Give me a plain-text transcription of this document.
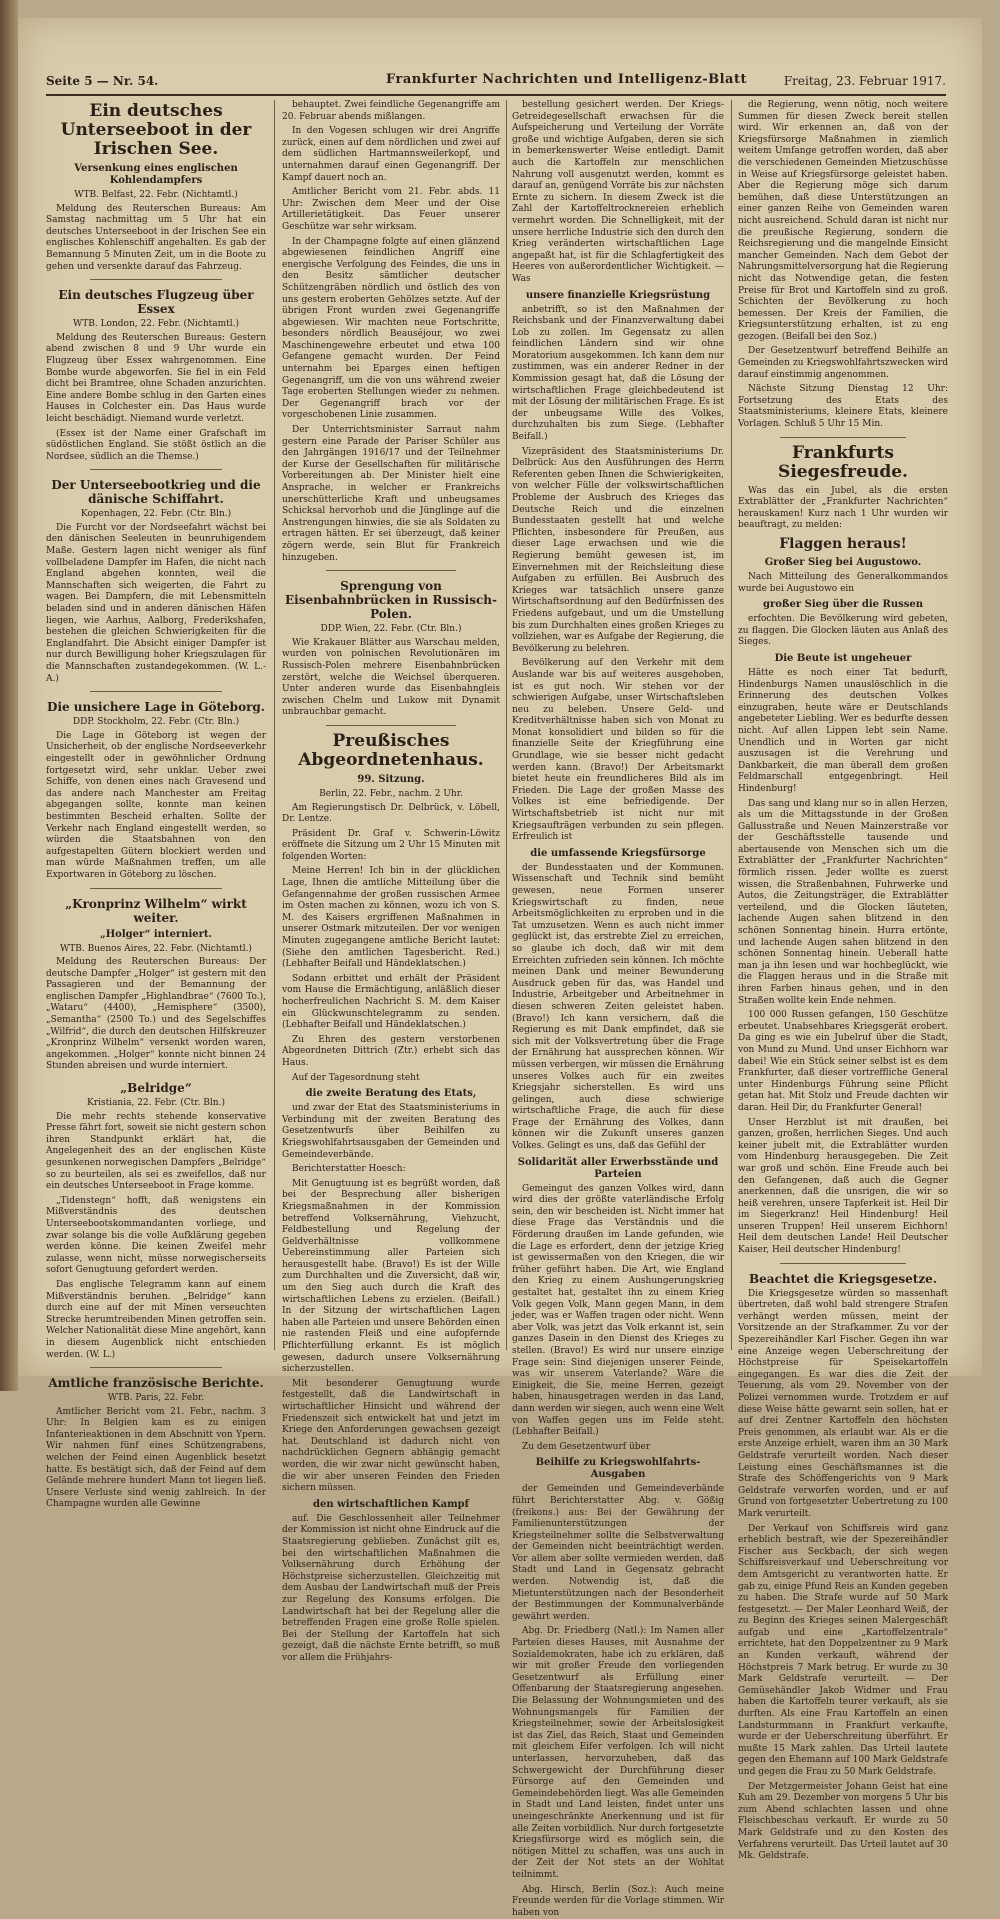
Seite 5 — Nr. 54.	Frankfurter Nachrichten und Intelligenz-Blatt	Freitag, 23. Februar 1917.
Ein deutsches Unterseeboot in der Irischen See.
Versenkung eines englischen Kohlendampfers
WTB. Belfast, 22. Febr. (Nichtamtl.)

Meldung des Reuterschen Bureaus: Am Samstag nachmittag um 5 Uhr hat ein deutsches Unterseeboot in der Irischen See ein englisches Kohlenschiff angehalten. Es gab der Bemannung 5 Minuten Zeit, um in die Boote zu gehen und versenkte darauf das Fahrzeug.

Ein deutsches Flugzeug über Essex
WTB. London, 22. Febr. (Nichtamtl.)

Meldung des Reuterschen Bureaus: Gestern abend zwischen 8 und 9 Uhr wurde ein Flugzeug über Essex wahrgenommen. Eine Bombe wurde abgeworfen. Sie fiel in ein Feld dicht bei Bramtree, ohne Schaden anzurichten. Eine andere Bombe schlug in den Garten eines Hauses in Colchester ein. Das Haus wurde leicht beschädigt. Niemand wurde verletzt.

(Essex ist der Name einer Grafschaft im südöstlichen England. Sie stößt östlich an die Nordsee, südlich an die Themse.)

Der Unterseebootkrieg und die dänische Schiffahrt.
Kopenhagen, 22. Febr. (Ctr. Bln.)

Die Furcht vor der Nordseefahrt wächst bei den dänischen Seeleuten in beunruhigendem Maße. Gestern lagen nicht weniger als fünf vollbeladene Dampfer im Hafen, die nicht nach England abgehen konnten, weil die Mannschaften sich weigerten, die Fahrt zu wagen. Bei Dampfern, die mit Lebensmitteln beladen sind und in anderen dänischen Häfen liegen, wie Aarhus, Aalborg, Frederikshafen, bestehen die gleichen Schwierigkeiten für die Englandfahrt. Die Absicht einiger Dampfer ist nur durch Bewilligung hoher Kriegszulagen für die Mannschaften zustandegekommen. (W. L.-A.)

Die unsichere Lage in Göteborg.
DDP. Stockholm, 22. Febr. (Ctr. Bln.)

Die Lage in Göteborg ist wegen der Unsicherheit, ob der englische Nordseeverkehr eingestellt oder in gewöhnlicher Ordnung fortgesetzt wird, sehr unklar. Ueber zwei Schiffe, von denen eines nach Gravesend und das andere nach Manchester am Freitag abgegangen sollte, konnte man keinen bestimmten Bescheid erhalten. Sollte der Verkehr nach England eingestellt werden, so würden die Staatsbahnen von den aufgestapelten Gütern blockiert werden und man würde Maßnahmen treffen, um alle Exportwaren in Göteborg zu löschen.

„Kronprinz Wilhelm“ wirkt weiter.
„Holger“ interniert.
WTB. Buenos Aires, 22. Febr. (Nichtamtl.)

Meldung des Reuterschen Bureaus: Der deutsche Dampfer „Holger“ ist gestern mit den Passagieren und der Bemannung der englischen Dampfer „Highlandbrae“ (7600 To.), „Wataru“ (4400), „Hemisphere“ (3500), „Semantha“ (2500 To.) und des Segelschiffes „Wilfrid“, die durch den deutschen Hilfskreuzer „Kronprinz Wilhelm“ versenkt worden waren, angekommen. „Holger“ konnte nicht binnen 24 Stunden abreisen und wurde interniert.

„Belridge“
Kristiania, 22. Febr. (Ctr. Bln.)

Die mehr rechts stehende konservative Presse fährt fort, soweit sie nicht gestern schon ihren Standpunkt erklärt hat, die Angelegenheit des an der englischen Küste gesunkenen norwegischen Dampfers „Belridge“ so zu beurteilen, als sei es zweifellos, daß nur ein deutsches Unterseeboot in Frage komme.

„Tidenstegn“ hofft, daß wenigstens ein Mißverständnis des deutschen Unterseebootskommandanten vorliege, und zwar solange bis die volle Aufklärung gegeben werden könne. Die keinen Zweifel mehr zulasse, wenn nicht, müsse norwegischerseits sofort Genugtuung gefordert werden.

Das englische Telegramm kann auf einem Mißverständnis beruhen. „Belridge“ kann durch eine auf der mit Minen verseuchten Strecke herumtreibenden Minen getroffen sein. Welcher Nationalität diese Mine angehört, kann in diesem Augenblick nicht entschieden werden. (W. L.)

Amtliche französische Berichte.
WTB. Paris, 22. Febr.

Amtlicher Bericht vom 21. Febr., nachm. 3 Uhr: In Belgien kam es zu einigen Infanterieaktionen in dem Abschnitt von Ypern. Wir nahmen fünf eines Schützengrabens, welchen der Feind einen Augenblick besetzt hatte. Es bestätigt sich, daß der Feind auf dem Gelände mehrere hundert Mann tot liegen ließ. Unsere Verluste sind wenig zahlreich. In der Champagne wurden alle Gewinne

behauptet. Zwei feindliche Gegenangriffe am 20. Februar abends mißlangen.

In den Vogesen schlugen wir drei Angriffe zurück, einen auf dem nördlichen und zwei auf dem südlichen Hartmannsweilerkopf, und unternahmen darauf einen Gegenangriff. Der Kampf dauert noch an.

Amtlicher Bericht vom 21. Febr. abds. 11 Uhr: Zwischen dem Meer und der Oise Artillerietätigkeit. Das Feuer unserer Geschütze war sehr wirksam.

In der Champagne folgte auf einen glänzend abgewiesenen feindlichen Angriff eine energische Verfolgung des Feindes, die uns in den Besitz sämtlicher deutscher Schützengräben nördlich und östlich des von uns gestern eroberten Gehölzes setzte. Auf der übrigen Front wurden zwei Gegenangriffe abgewiesen. Wir machten neue Fortschritte, besonders nördlich Beauséjour, wo zwei Maschinengewehre erbeutet und etwa 100 Gefangene gemacht wurden. Der Feind unternahm bei Eparges einen heftigen Gegenangriff, um die von uns während zweier Tage eroberten Stellungen wieder zu nehmen. Der Gegenangriff brach vor der vorgeschobenen Linie zusammen.

Der Unterrichtsminister Sarraut nahm gestern eine Parade der Pariser Schüler aus den Jahrgängen 1916/17 und der Teilnehmer der Kurse der Gesellschaften für militärische Vorbereitungen ab. Der Minister hielt eine Ansprache, in welcher er Frankreichs unerschütterliche Kraft und unbeugsames Schicksal hervorhob und die Jünglinge auf die Anstrengungen hinwies, die sie als Soldaten zu ertragen hätten. Er sei überzeugt, daß keiner zögern werde, sein Blut für Frankreich hinzugeben.

Sprengung von Eisenbahnbrücken in Russisch-Polen.
DDP. Wien, 22. Febr. (Ctr. Bln.)

Wie Krakauer Blätter aus Warschau melden, wurden von polnischen Revolutionären im Russisch-Polen mehrere Eisenbahnbrücken zerstört, welche die Weichsel überqueren. Unter anderen wurde das Eisenbahngleis zwischen Chelm und Lukow mit Dynamit unbrauchbar gemacht.

Preußisches Abgeordnetenhaus.
99. Sitzung.
Berlin, 22. Febr., nachm. 2 Uhr.

Am Regierungstisch Dr. Delbrück, v. Löbell, Dr. Lentze.

Präsident Dr. Graf v. Schwerin-Löwitz eröffnete die Sitzung um 2 Uhr 15 Minuten mit folgenden Worten:

Meine Herren! Ich bin in der glücklichen Lage, Ihnen die amtliche Mitteilung über die Gefangennahme der großen russischen Armee im Osten machen zu können, wozu ich von S. M. des Kaisers ergriffenen Maßnahmen in unserer Ostmark mitzuteilen. Der vor wenigen Minuten zugegangene amtliche Bericht lautet: (Siehe den amtlichen Tagesbericht. Red.) (Lebhafter Beifall und Händeklatschen.)

Sodann erbittet und erhält der Präsident vom Hause die Ermächtigung, anläßlich dieser hocherfreulichen Nachricht S. M. dem Kaiser ein Glückwunschtelegramm zu senden. (Lebhafter Beifall und Händeklatschen.)

Zu Ehren des gestern verstorbenen Abgeordneten Dittrich (Ztr.) erhebt sich das Haus.

Auf der Tagesordnung steht

die zweite Beratung des Etats,

und zwar der Etat des Staatsministeriums in Verbindung mit der zweiten Beratung des Gesetzentwurfs über Beihilfen zu Kriegswohlfahrtsausgaben der Gemeinden und Gemeindeverbände.

Berichterstatter Hoesch:

Mit Genugtuung ist es begrüßt worden, daß bei der Besprechung aller bisherigen Kriegsmaßnahmen in der Kommission betreffend Volksernährung, Viehzucht, Feldbestellung und Regelung der Geldverhältnisse vollkommene Uebereinstimmung aller Parteien sich herausgestellt habe. (Bravo!) Es ist der Wille zum Durchhalten und die Zuversicht, daß wir, um den Sieg auch durch die Kraft des wirtschaftlichen Lebens zu erzielen. (Beifall.) In der Sitzung der wirtschaftlichen Lagen haben alle Parteien und unsere Behörden einen nie rastenden Fleiß und eine aufopfernde Pflichterfüllung erkannt. Es ist möglich gewesen, dadurch unsere Volksernährung sicherzustellen.

Mit besonderer Genugtuung wurde festgestellt, daß die Landwirtschaft in wirtschaftlicher Hinsicht und während der Friedenszeit sich entwickelt hat und jetzt im Kriege den Anforderungen gewachsen gezeigt hat. Deutschland ist dadurch nicht von nachdrücklichen Gegnern abhängig gemacht worden, die wir zwar nicht gewünscht haben, die wir aber unseren Feinden den Frieden sichern müssen.

den wirtschaftlichen Kampf

auf. Die Geschlossenheit aller Teilnehmer der Kommission ist nicht ohne Eindruck auf die Staatsregierung geblieben. Zunächst gilt es, bei den wirtschaftlichen Maßnahmen die Volksernährung durch Erhöhung der Höchstpreise sicherzustellen. Gleichzeitig mit dem Ausbau der Landwirtschaft muß der Preis zur Regelung des Konsums erfolgen. Die Landwirtschaft hat bei der Regelung aller die betreffenden Fragen eine große Rolle spielen. Bei der Stellung der Kartoffeln hat sich gezeigt, daß die nächste Ernte betrifft, so muß vor allem die Frühjahrs-

bestellung gesichert werden. Der Kriegs-Getreidegesellschaft erwachsen für die Aufspeicherung und Verteilung der Vorräte große und wichtige Aufgaben, deren sie sich in bemerkenswerter Weise entledigt. Damit auch die Kartoffeln zur menschlichen Nahrung voll ausgenutzt werden, kommt es darauf an, genügend Vorräte bis zur nächsten Ernte zu sichern. In diesem Zweck ist die Zahl der Kartoffeltrocknereien erheblich vermehrt worden. Die Schnelligkeit, mit der unsere herrliche Industrie sich den durch den Krieg veränderten wirtschaftlichen Lage angepaßt hat, ist für die Schlagfertigkeit des Heeres von außerordentlicher Wichtigkeit. — Was

unsere finanzielle Kriegsrüstung

anbetrifft, so ist den Maßnahmen der Reichsbank und der Finanzverwaltung dabei Lob zu zollen. Im Gegensatz zu allen feindlichen Ländern sind wir ohne Moratorium ausgekommen. Ich kann dem nur zustimmen, was ein anderer Redner in der Kommission gesagt hat, daß die Lösung der wirtschaftlichen Frage gleichbedeutend ist mit der Lösung der militärischen Frage. Es ist der unbeugsame Wille des Volkes, durchzuhalten bis zum Siege. (Lebhafter Beifall.)

Vizepräsident des Staatsministeriums Dr. Delbrück: Aus den Ausführungen des Herrn Referenten geben Ihnen die Schwierigkeiten, von welcher Fülle der volkswirtschaftlichen Probleme der Ausbruch des Krieges das Deutsche Reich und die einzelnen Bundesstaaten gestellt hat und welche Pflichten, insbesondere für Preußen, aus dieser Lage erwachsen und wie die Regierung bemüht gewesen ist, im Einvernehmen mit der Reichsleitung diese Aufgaben zu erfüllen. Bei Ausbruch des Krieges war tatsächlich unsere ganze Wirtschaftsordnung auf den Bedürfnissen des Friedens aufgebaut, und um die Umstellung bis zum Durchhalten eines großen Krieges zu vollziehen, war es Aufgabe der Regierung, die Bevölkerung zu belehren.

Bevölkerung auf den Verkehr mit dem Auslande war bis auf weiteres ausgehoben, ist es gut noch. Wir stehen vor der schwierigen Aufgabe, unser Wirtschaftsleben neu zu beleben. Unsere Geld- und Kreditverhältnisse haben sich von Monat zu Monat konsolidiert und bilden so für die finanzielle Seite der Kriegführung eine Grundlage, wie sie besser nicht gedacht werden kann. (Bravo!) Der Arbeitsmarkt bietet heute ein freundlicheres Bild als im Frieden. Die Lage der großen Masse des Volkes ist eine befriedigende. Der Wirtschaftsbetrieb ist nicht nur mit Kriegsaufträgen verbunden zu sein pflegen. Erfreulich ist

die umfassende Kriegsfürsorge

der Bundesstaaten und der Kommunen. Wissenschaft und Technik sind bemüht gewesen, neue Formen unserer Kriegswirtschaft zu finden, neue Arbeitsmöglichkeiten zu erproben und in die Tat umzusetzen. Wenn es auch nicht immer geglückt ist, das erstrebte Ziel zu erreichen, so glaube ich doch, daß wir mit dem Erreichten zufrieden sein können. Ich möchte meinen Dank und meiner Bewunderung Ausdruck geben für das, was Handel und Industrie, Arbeitgeber und Arbeitnehmer in diesen schweren Zeiten geleistet haben. (Bravo!) Ich kann versichern, daß die Regierung es mit Dank empfindet, daß sie sich mit der Volksvertretung über die Frage der Ernährung hat aussprechen können. Wir müssen verbergen, wir müssen die Ernährung unseres Volkes auch für ein zweites Kriegsjahr sicherstellen. Es wird uns gelingen, auch diese schwierige wirtschaftliche Frage, die auch für diese Frage der Ernährung des Volkes, dann können wir die Zukunft unseres ganzen Volkes. Gelingt es uns, daß das Gefühl der

Solidarität aller Erwerbsstände und Parteien

Gemeingut des ganzen Volkes wird, dann wird dies der größte vaterländische Erfolg sein, den wir bescheiden ist. Nicht immer hat diese Frage das Verständnis und die Förderung draußen im Lande gefunden, wie die Lage es erfordert, denn der jetzige Krieg ist gewissermaßen von den Kriegen, die wir früher geführt haben. Die Art, wie England den Krieg zu einem Aushungerungskrieg gestaltet hat, gestaltet ihn zu einem Krieg Volk gegen Volk, Mann gegen Mann, in dem jeder, was er Waffen tragen oder nicht. Wenn aber Volk, was jetzt das Volk erkannt ist, sein ganzes Dasein in den Dienst des Krieges zu stellen. (Bravo!) Es wird nur unsere einzige Frage sein: Sind diejenigen unserer Feinde, was wir unserem Vaterlande? Wäre die Einigkeit, die Sie, meine Herren, gezeigt haben, hinausgetragen werden in das Land, dann werden wir siegen, auch wenn eine Welt von Waffen gegen uns im Felde steht. (Lebhafter Beifall.)

Zu dem Gesetzentwurf über

Beihilfe zu Kriegswohlfahrts-Ausgaben

der Gemeinden und Gemeindeverbände führt Berichterstatter Abg. v. Gößig (freikons.) aus: Bei der Gewährung der Familienunterstützungen der Kriegsteilnehmer sollte die Selbstverwaltung der Gemeinden nicht beeinträchtigt werden. Vor allem aber sollte vermieden werden, daß Stadt und Land in Gegensatz gebracht werden. Notwendig ist, daß die Mietunterstützungen nach der Besonderheit der Bestimmungen der Kommunalverbände gewährt werden.

Abg. Dr. Friedberg (Natl.): Im Namen aller Parteien dieses Hauses, mit Ausnahme der Sozialdemokraten, habe ich zu erklären, daß wir mit großer Freude den vorliegenden Gesetzentwurf als Erfüllung einer Offenbarung der Staatsregierung angesehen. Die Belassung der Wohnungsmieten und des Wohnungsmangels für Familien der Kriegsteilnehmer, sowie der Arbeitslosigkeit ist das Ziel, das Reich, Staat und Gemeinden mit gleichem Eifer verfolgen. Ich will nicht unterlassen, hervorzuheben, daß das Schwergewicht der Durchführung dieser Fürsorge auf den Gemeinden und Gemeindebehörden liegt. Was alle Gemeinden in Stadt und Land leisten, findet unter uns uneingeschränkte Anerkennung und ist für alle Zeiten vorbildlich. Nur durch fortgesetzte Kriegsfürsorge wird es möglich sein, die nötigen Mittel zu schaffen, was uns auch in der Zeit der Not stets an der Wohltat teilnimmt.

Abg. Hirsch, Berlin (Soz.): Auch meine Freunde werden für die Vorlage stimmen. Wir haben von

die Regierung, wenn nötig, noch weitere Summen für diesen Zweck bereit stellen wird. Wir erkennen an, daß von der Kriegsfürsorge Maßnahmen in ziemlich weitem Umfange getroffen worden, daß aber die verschiedenen Gemeinden Mietzuschüsse in Weise auf Kriegsfürsorge geleistet haben. Aber die Regierung möge sich darum bemühen, daß diese Unterstützungen an einer ganzen Reihe von Gemeinden waren nicht ausreichend. Schuld daran ist nicht nur die preußische Regierung, sondern die Reichsregierung und die mangelnde Einsicht mancher Gemeinden. Nach dem Gebot der Nahrungsmittelversorgung hat die Regierung nicht das Notwendige getan, die festen Preise für Brot und Kartoffeln sind zu groß. Schichten der Bevölkerung zu hoch bemessen. Der Kreis der Familien, die Kriegsunterstützung erhalten, ist zu eng gezogen. (Beifall bei den Soz.)

Der Gesetzentwurf betreffend Beihilfe an Gemeinden zu Kriegswohlfahrtszwecken wird darauf einstimmig angenommen.

Nächste Sitzung Dienstag 12 Uhr: Fortsetzung des Etats des Staatsministeriums, kleinere Etats, kleinere Vorlagen. Schluß 5 Uhr 15 Min.

Frankfurts Siegesfreude.

Was das ein Jubel, als die ersten Extrablätter der „Frankfurter Nachrichten“ herauskamen! Kurz nach 1 Uhr wurden wir beauftragt, zu melden:

Flaggen heraus!
Großer Sieg bei Augustowo.

Nach Mitteilung des Generalkommandos wurde bei Augustowo ein

großer Sieg über die Russen

erfochten. Die Bevölkerung wird gebeten, zu flaggen. Die Glocken läuten aus Anlaß des Sieges.

Die Beute ist ungeheuer

Hätte es noch einer Tat bedurft, Hindenburgs Namen unauslöschlich in die Erinnerung des deutschen Volkes einzugraben, heute wäre er Deutschlands angebeteter Liebling. Wer es bedurfte dessen nicht. Auf allen Lippen lebt sein Name. Unendlich und in Worten gar nicht auszusagen ist die Verehrung und Dankbarkeit, die man überall dem großen Feldmarschall entgegenbringt. Heil Hindenburg!

Das sang und klang nur so in allen Herzen, als um die Mittagsstunde in der Großen Gallusstraße und Neuen Mainzerstraße vor der Geschäftsstelle tausende und abertausende von Menschen sich um die Extrablätter der „Frankfurter Nachrichten“ förmlich rissen. Jeder wollte es zuerst wissen, die Straßenbahnen, Fuhrwerke und Autos, die Zeitungsträger, die Extrablätter verteilend, und die Glocken läuteten, lachende Augen sahen blitzend in den schönen Sonnentag hinein. Hurra ertönte, und lachende Augen sahen blitzend in den schönen Sonnentag hinein. Ueberall hatte man ja ihn lesen und war hochbeglückt, wie die Flaggen heraus und in die Straße mit ihren Farben hinaus gehen, und in den Straßen wollte kein Ende nehmen.

100 000 Russen gefangen, 150 Geschütze erbeutet. Unabsehbares Kriegsgerät erobert. Da ging es wie ein Jubelruf über die Stadt, von Mund zu Mund. Und unser Eichhorn war dabei! Wie ein Stück seiner selbst ist es dem Frankfurter, daß dieser vortreffliche General unter Hindenburgs Führung seine Pflicht getan hat. Mit Stolz und Freude dachten wir daran. Heil Dir, du Frankfurter General!

Unser Herzblut ist mit draußen, bei ganzen, großen, herrlichen Sieges. Und auch keiner jubelt mit, die Extrablätter wurden vom Hindenburg herausgegeben. Die Zeit war groß und schön. Eine Freude auch bei den Gefangenen, daß auch die Gegner anerkennen, daß die unsrigen, die wir so heiß verehren, unsere Tapferkeit ist. Heil Dir im Siegerkranz! Heil Hindenburg! Heil unseren Truppen! Heil unserem Eichhorn! Heil dem deutschen Lande! Heil Deutscher Kaiser, Heil deutscher Hindenburg!

Beachtet die Kriegsgesetze.

Die Kriegsgesetze würden so massenhaft übertreten, daß wohl bald strengere Strafen verhängt werden müssen, meint der Vorsitzende an der Strafkammer. Zu vor der Spezereihändler Karl Fischer. Gegen ihn war eine Anzeige wegen Ueberschreitung der Höchstpreise für Speisekartoffeln eingegangen. Es war dies die Zeit der Teuerung, als vom 29. November von der Polizei vernommen wurde. Trotzdem er auf diese Weise hätte gewarnt sein sollen, hat er auf drei Zentner Kartoffeln den höchsten Preis genommen, als erlaubt war. Als er die erste Anzeige erhielt, waren ihm an 30 Mark Geldstrafe verurteilt worden. Nach dieser Leistung eines Geschäftsmannes ist die Strafe des Schöffengerichts von 9 Mark Geldstrafe verworfen worden, und er auf Grund von fortgesetzter Uebertretung zu 100 Mark verurteilt.

Der Verkauf von Schiffsreis wird ganz erheblich bestraft, wie der Spezereihändler Fischer aus Seckbach, der sich wegen Schiffsreisverkauf und Ueberschreitung vor dem Amtsgericht zu verantworten hatte. Er gab zu, einige Pfund Reis an Kunden gegeben zu haben. Die Strafe wurde auf 50 Mark festgesetzt. — Der Maler Leonhard Weiß, der zu Beginn des Krieges seinen Malergeschäft aufgab und eine „Kartoffelzentrale“ errichtete, hat den Doppelzentner zu 9 Mark an Kunden verkauft, während der Höchstpreis 7 Mark betrug. Er wurde zu 30 Mark Geldstrafe verurteilt. — Der Gemüsehändler Jakob Widmer und Frau haben die Kartoffeln teurer verkauft, als sie durften. Als eine Frau Kartoffeln an einen Landsturmmann in Frankfurt verkaufte, wurde er der Ueberschreitung überführt. Er mußte 15 Mark zahlen. Das Urteil lautete gegen den Ehemann auf 100 Mark Geldstrafe und gegen die Frau zu 50 Mark Geldstrafe.

Der Metzgermeister Johann Geist hat eine Kuh am 29. Dezember von morgens 5 Uhr bis zum Abend schlachten lassen und ohne Fleischbeschau verkauft. Er wurde zu 50 Mark Geldstrafe und zu den Kosten des Verfahrens verurteilt. Das Urteil lautet auf 30 Mk. Geldstrafe.
